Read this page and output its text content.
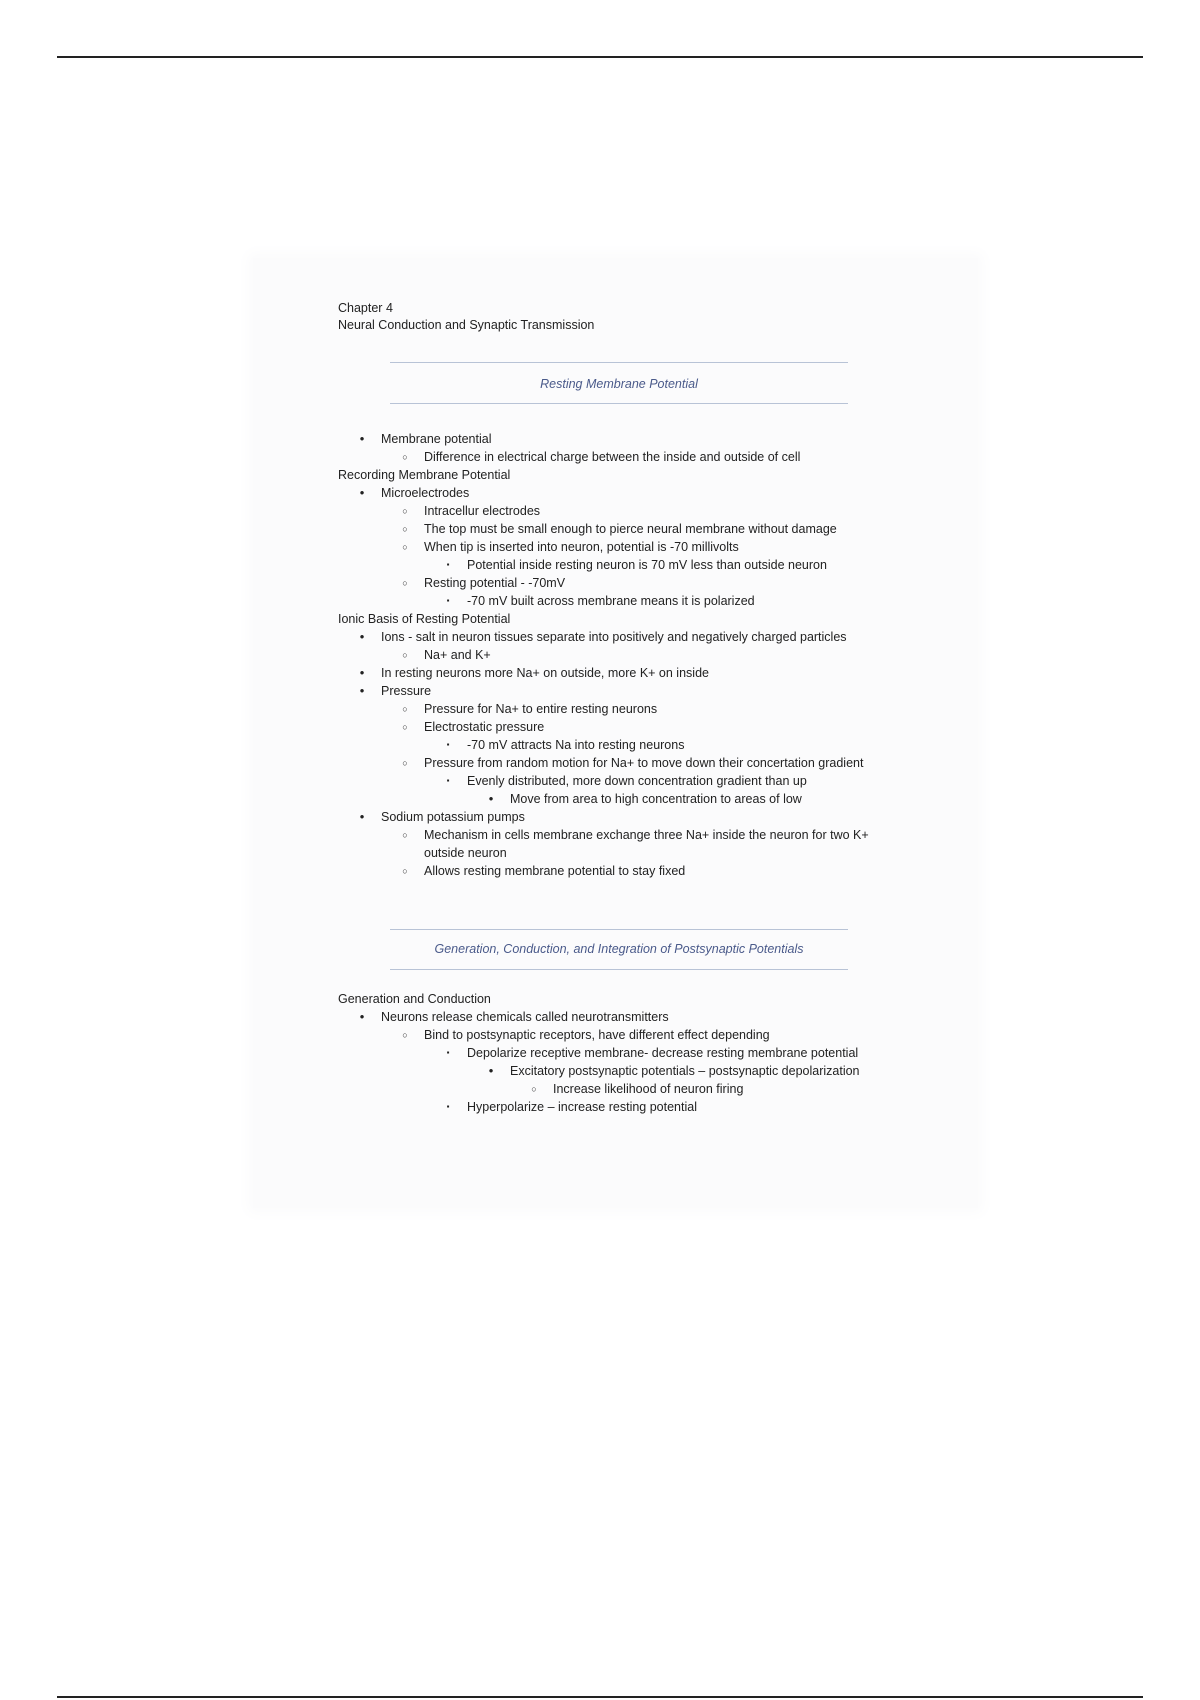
Chapter 4

Neural Conduction and Synaptic Transmission

Resting Membrane Potential
• Membrane potential
○ Difference in electrical charge between the inside and outside of cell
Recording Membrane Potential
• Microelectrodes
○ Intracellur electrodes
○ The top must be small enough to pierce neural membrane without damage
○ When tip is inserted into neuron, potential is -70 millivolts
▪	Potential inside resting neuron is 70 mV less than outside neuron
○ Resting potential - -70mV
▪	-70 mV built across membrane means it is polarized
Ionic Basis of Resting Potential
• Ions - salt in neuron tissues separate into positively and negatively charged particles
○ Na+ and K+
• In resting neurons more Na+ on outside, more K+ on inside
• Pressure
○ Pressure for Na+ to entire resting neurons
○ Electrostatic pressure
▪	-70 mV attracts Na into resting neurons
○ Pressure from random motion for Na+ to move down their concertation gradient
▪	Evenly distributed, more down concentration gradient than up
• Move from area to high concentration to areas of low
• Sodium potassium pumps
○ Mechanism in cells membrane exchange three Na+ inside the neuron for two K+
outside neuron
○ Allows resting membrane potential to stay fixed
Generation, Conduction, and Integration of Postsynaptic Potentials
Generation and Conduction
• Neurons release chemicals called neurotransmitters
○ Bind to postsynaptic receptors, have different effect depending
▪	Depolarize receptive membrane- decrease resting membrane potential
• Excitatory postsynaptic potentials – postsynaptic depolarization
○ Increase likelihood of neuron firing
▪	Hyperpolarize – increase resting potential
